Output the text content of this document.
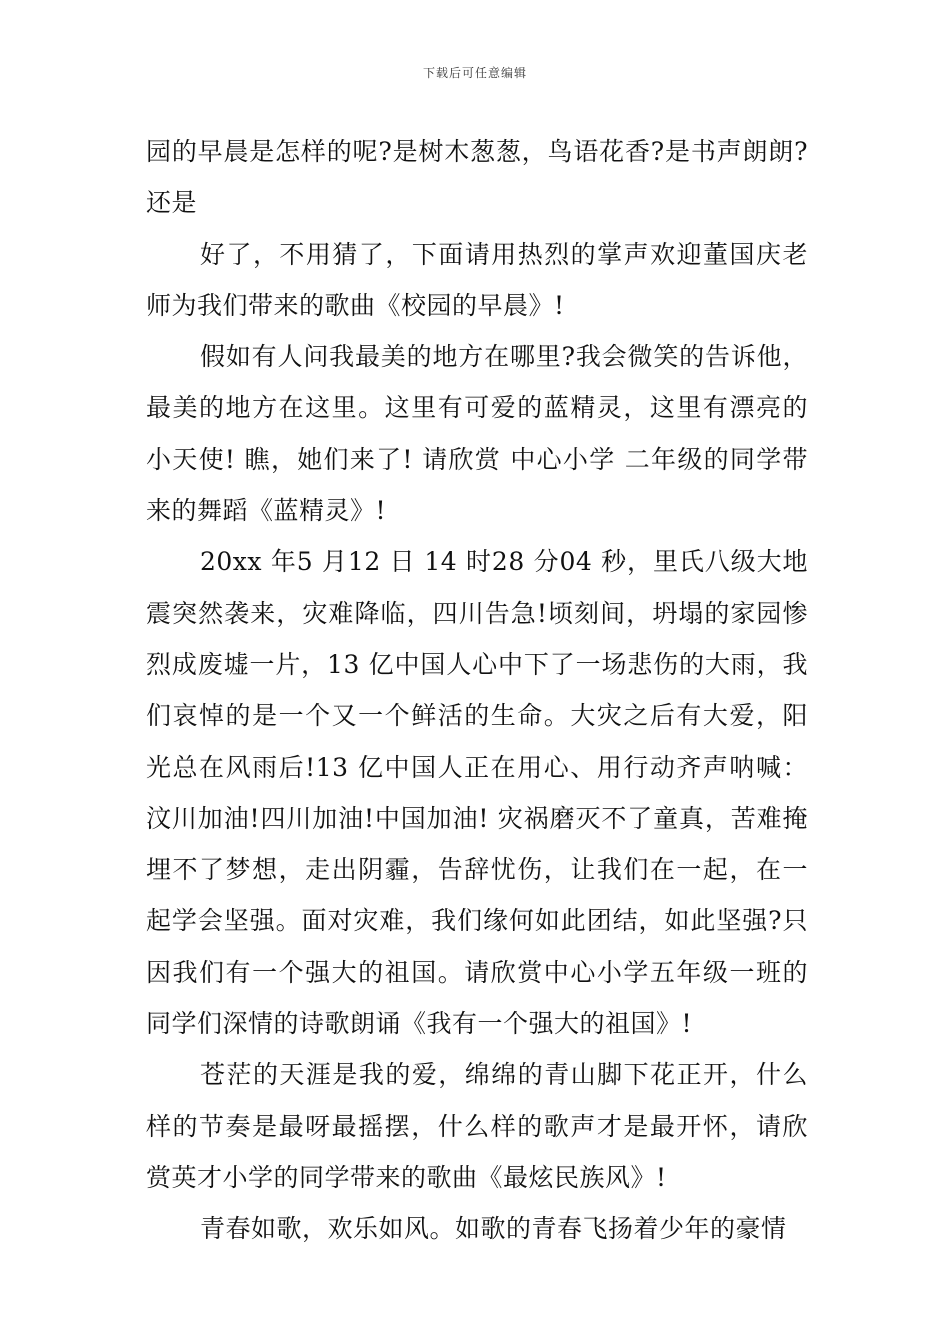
下载后可任意编辑

园的早晨是怎样的呢?是树木葱葱，鸟语花香?是书声朗朗?还是

好了，不用猜了，下面请用热烈的掌声欢迎董国庆老师为我们带来的歌曲《校园的早晨》!

假如有人问我最美的地方在哪里?我会微笑的告诉他，最美的地方在这里。这里有可爱的蓝精灵，这里有漂亮的小天使! 瞧，她们来了! 请欣赏 中心小学 二年级的同学带来的舞蹈《蓝精灵》!

20xx 年5 月12 日 14 时28 分04 秒，里氏八级大地震突然袭来，灾难降临，四川告急!顷刻间，坍塌的家园惨烈成废墟一片，13 亿中国人心中下了一场悲伤的大雨，我们哀悼的是一个又一个鲜活的生命。大灾之后有大爱，阳光总在风雨后!13 亿中国人正在用心、用行动齐声呐喊：汶川加油!四川加油!中国加油! 灾祸磨灭不了童真，苦难掩埋不了梦想，走出阴霾，告辞忧伤，让我们在一起，在一起学会坚强。面对灾难，我们缘何如此团结，如此坚强?只因我们有一个强大的祖国。请欣赏中心小学五年级一班的同学们深情的诗歌朗诵《我有一个强大的祖国》!

苍茫的天涯是我的爱，绵绵的青山脚下花正开，什么样的节奏是最呀最摇摆，什么样的歌声才是最开怀，请欣赏英才小学的同学带来的歌曲《最炫民族风》!

青春如歌，欢乐如风。如歌的青春飞扬着少年的豪情
